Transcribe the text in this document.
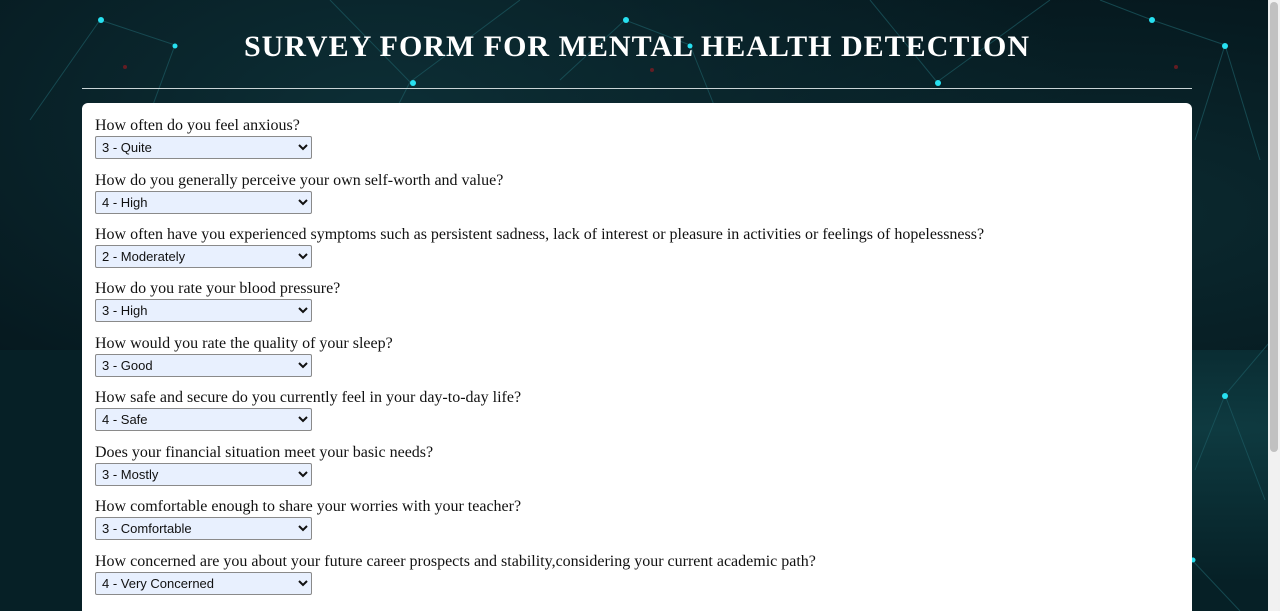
SURVEY FORM FOR MENTAL HEALTH DETECTION
How often do you feel anxious?
3 - Quite
How do you generally perceive your own self-worth and value?
4 - High
How often have you experienced symptoms such as persistent sadness, lack of interest or pleasure in activities or feelings of hopelessness?
2 - Moderately
How do you rate your blood pressure?
3 - High
How would you rate the quality of your sleep?
3 - Good
How safe and secure do you currently feel in your day-to-day life?
4 - Safe
Does your financial situation meet your basic needs?
3 - Mostly
How comfortable enough to share your worries with your teacher?
3 - Comfortable
How concerned are you about your future career prospects and stability,considering your current academic path?
4 - Very Concerned
